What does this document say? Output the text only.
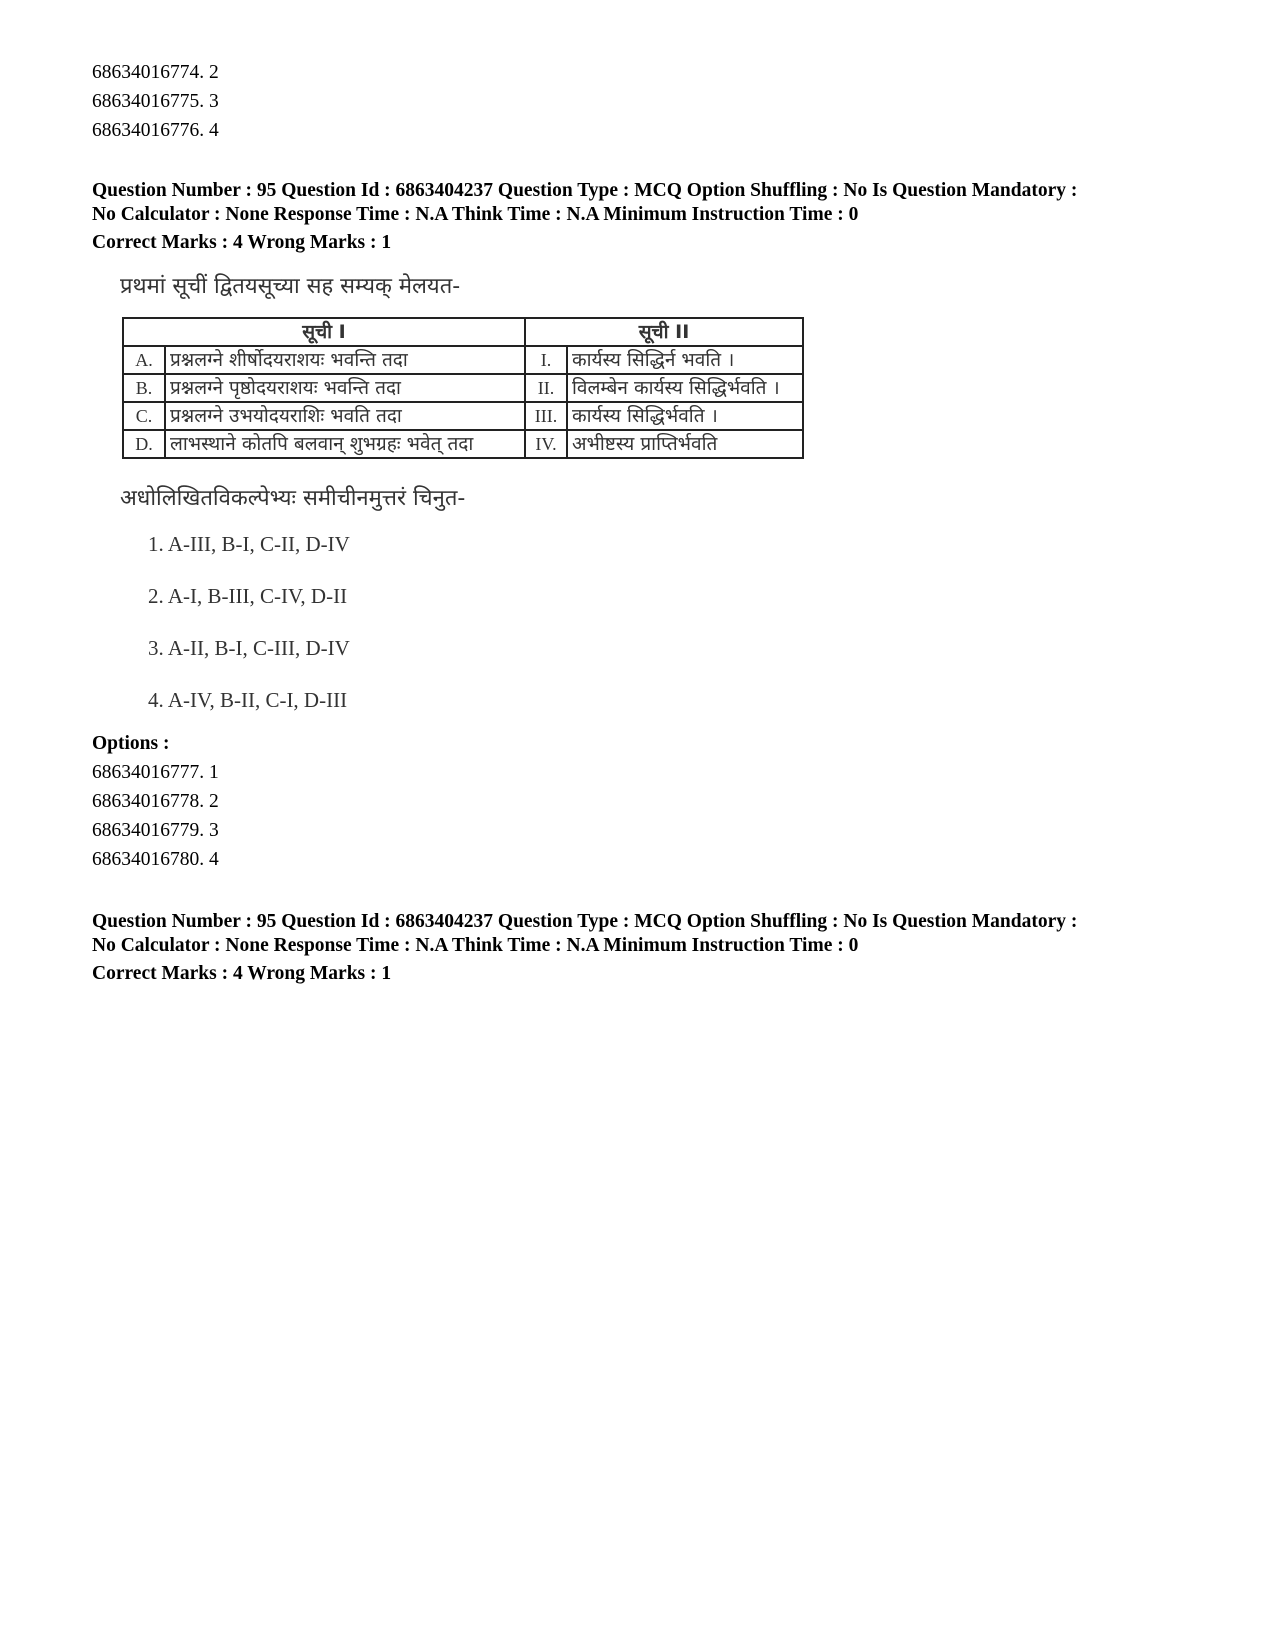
68634016774. 2
68634016775. 3
68634016776. 4
Question Number : 95 Question Id : 6863404237 Question Type : MCQ Option Shuffling : No Is Question Mandatory :
No Calculator : None Response Time : N.A Think Time : N.A Minimum Instruction Time : 0
Correct Marks : 4 Wrong Marks : 1
प्रथमां सूचीं द्वितयसूच्या सह सम्यक् मेलयत-
सूची I		सूची II	
A.	प्रश्नलग्ने शीर्षोदयराशयः भवन्ति तदा	I.	कार्यस्य सिद्धिर्न भवति ।
B.	प्रश्नलग्ने पृष्ठोदयराशयः भवन्ति तदा	II.	विलम्बेन कार्यस्य सिद्धिर्भवति ।
C.	प्रश्नलग्ने उभयोदयराशिः भवति तदा	III.	कार्यस्य सिद्धिर्भवति ।
D.	लाभस्थाने कोतपि बलवान् शुभग्रहः भवेत् तदा	IV.	अभीष्टस्य प्राप्तिर्भवति
अधोलिखितविकल्पेभ्यः समीचीनमुत्तरं चिनुत-
1. A-III, B-I, C-II, D-IV
2. A-I, B-III, C-IV, D-II
3. A-II, B-I, C-III, D-IV
4. A-IV, B-II, C-I, D-III
Options :
68634016777. 1
68634016778. 2
68634016779. 3
68634016780. 4
Question Number : 95 Question Id : 6863404237 Question Type : MCQ Option Shuffling : No Is Question Mandatory :
No Calculator : None Response Time : N.A Think Time : N.A Minimum Instruction Time : 0
Correct Marks : 4 Wrong Marks : 1
